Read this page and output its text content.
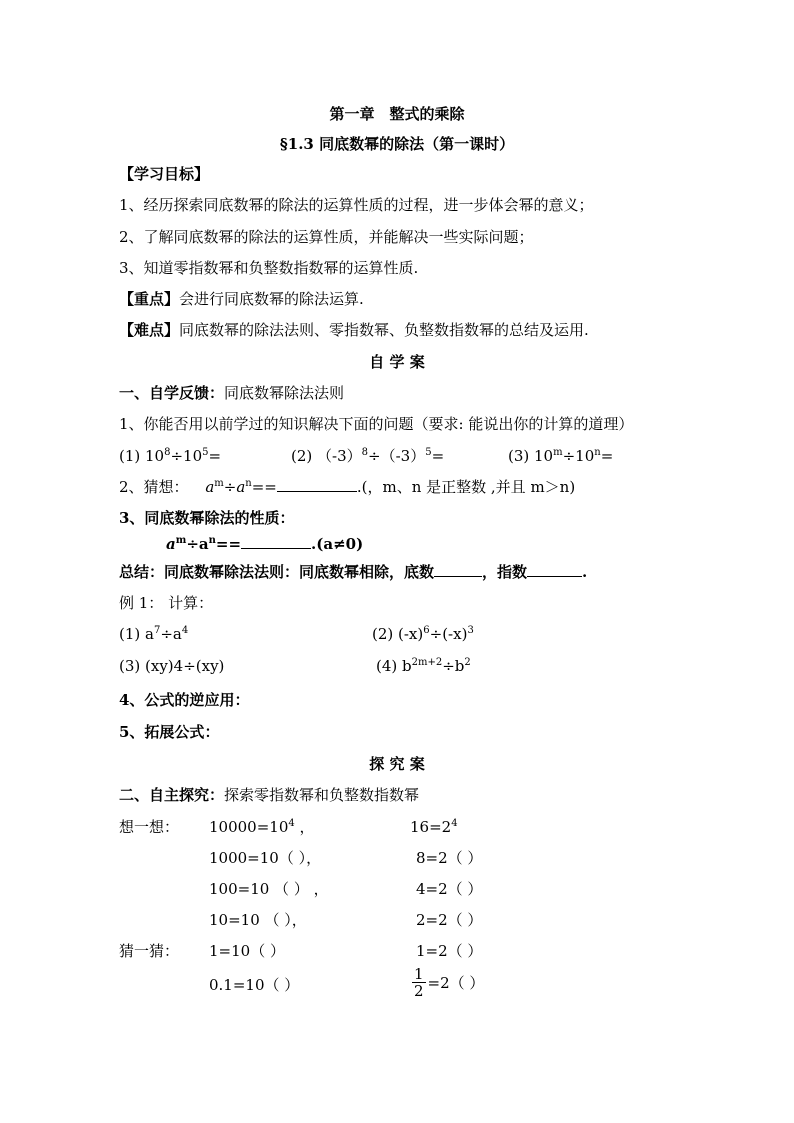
第一章　整式的乘除
§1.3 同底数幂的除法（第一课时）
【学习目标】
1、经历探索同底数幂的除法的运算性质的过程，进一步体会幂的意义；
2、了解同底数幂的除法的运算性质，并能解决一些实际问题；
3、知道零指数幂和负整数指数幂的运算性质.
【重点】会进行同底数幂的除法运算.
【难点】同底数幂的除法法则、零指数幂、负整数指数幂的总结及运用.
自 学 案
一、自学反馈：同底数幂除法法则
1、你能否用以前学过的知识解决下面的问题（要求: 能说出你的计算的道理）
(1) $10^8\div 10^5=$	(2) $(-3)^8\div(-3)^5=$	(3) $10^m\div 10^n=$
2、猜想： $a^m\div a^n==$	.(，m、n 是正整数 ,并且 m＞n)
3、同底数幂除法的性质：
$a^m\div a^n==$	.(a≠0)
总结：同底数幂除法法则：同底数幂相除，底数	，指数	.
例 1： 计算：
(1) $a^7\div a^4$	(2) $(-x)^6\div(-x)^3$
(3) (xy)4÷(xy)	(4) $b^{2m+2}\div b^2$
4、公式的逆应用：
5、拓展公式：
探 究 案
二、自主探究：探索零指数幂和负整数指数幂
想一想： $10000=10^4$ ，	$16=2^4$
1000=10（ ），	8=2（ ）
100=10 （ ） ，	4=2（ ）
10=10 （ ），	2=2（ ）
猜一猜： 1=10（ ）	1=2（ ）
0.1=10（ ）	$\frac{1}{2} =2$（ ）
